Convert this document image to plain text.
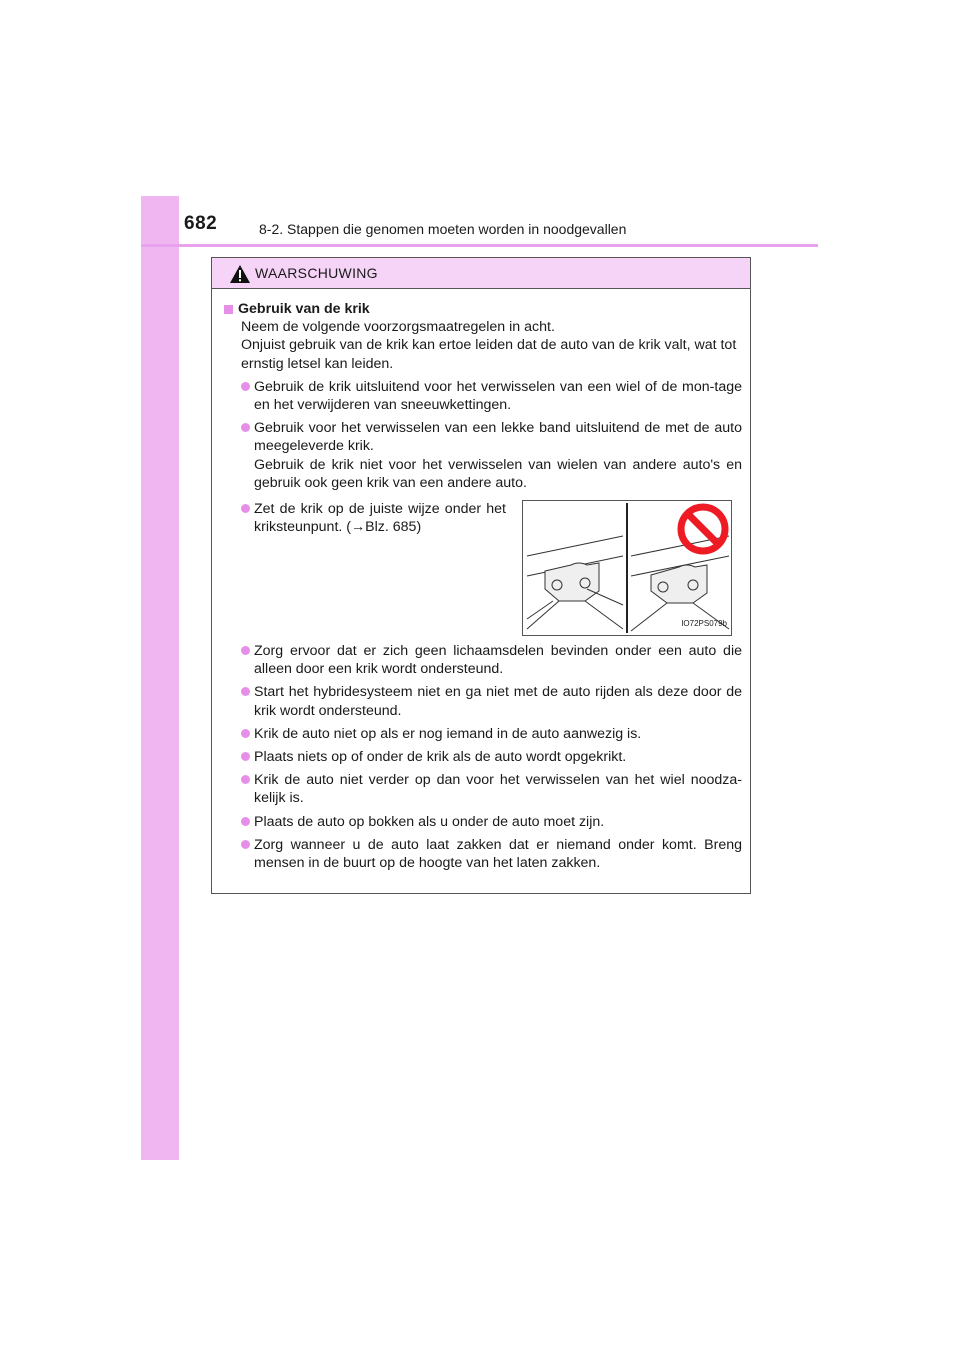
682	8-2. Stappen die genomen moeten worden in noodgevallen
WAARSCHUWING
Gebruik van de krik
Neem de volgende voorzorgsmaatregelen in acht.
Onjuist gebruik van de krik kan ertoe leiden dat de auto van de krik valt, wat tot ernstig letsel kan leiden.
Gebruik de krik uitsluitend voor het verwisselen van een wiel of de mon-tage en het verwijderen van sneeuwkettingen.
Gebruik voor het verwisselen van een lekke band uitsluitend de met de auto meegeleverde krik.
Gebruik de krik niet voor het verwisselen van wielen van andere auto's en gebruik ook geen krik van een andere auto.
Zet de krik op de juiste wijze onder het kriksteunpunt. (→Blz. 685)
IO72PS079b
Zorg ervoor dat er zich geen lichaamsdelen bevinden onder een auto die alleen door een krik wordt ondersteund.
Start het hybridesysteem niet en ga niet met de auto rijden als deze door de krik wordt ondersteund.
Krik de auto niet op als er nog iemand in de auto aanwezig is.
Plaats niets op of onder de krik als de auto wordt opgekrikt.
Krik de auto niet verder op dan voor het verwisselen van het wiel noodza-kelijk is.
Plaats de auto op bokken als u onder de auto moet zijn.
Zorg wanneer u de auto laat zakken dat er niemand onder komt. Breng mensen in de buurt op de hoogte van het laten zakken.
